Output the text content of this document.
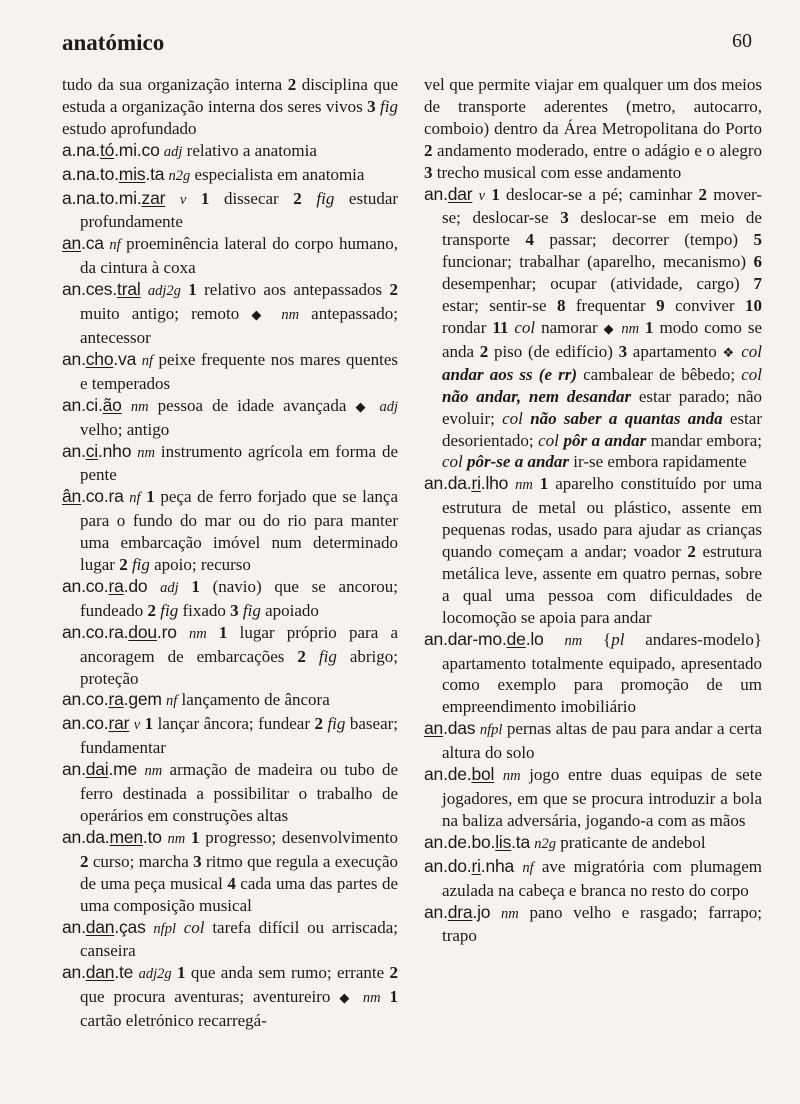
anatómico	60

tudo da sua organização interna 2 disciplina que estuda a organização interna dos seres vivos 3 fig estudo aprofundado

a.na.tó.mi.co adj relativo a anatomia

a.na.to.mis.ta n2g especialista em anatomia

a.na.to.mi.zar v 1 dissecar 2 fig estudar profundamente

an.ca nf proeminência lateral do corpo humano, da cintura à coxa

an.ces.tral adj2g 1 relativo aos antepassados 2 muito antigo; remoto ◆ nm antepassado; antecessor

an.cho.va nf peixe frequente nos mares quentes e temperados

an.ci.ão nm pessoa de idade avançada ◆ adj velho; antigo

an.ci.nho nm instrumento agrícola em forma de pente

ân.co.ra nf 1 peça de ferro forjado que se lança para o fundo do mar ou do rio para manter uma embarcação imóvel num determinado lugar 2 fig apoio; recurso

an.co.ra.do adj 1 (navio) que se ancorou; fundeado 2 fig fixado 3 fig apoiado

an.co.ra.dou.ro nm 1 lugar próprio para a ancoragem de embarcações 2 fig abrigo; proteção

an.co.ra.gem nf lançamento de âncora

an.co.rar v 1 lançar âncora; fundear 2 fig basear; fundamentar

an.dai.me nm armação de madeira ou tubo de ferro destinada a possibilitar o trabalho de operários em construções altas

an.da.men.to nm 1 progresso; desenvolvimento 2 curso; marcha 3 ritmo que regula a execução de uma peça musical 4 cada uma das partes de uma composição musical

an.dan.ças nfpl col tarefa difícil ou arriscada; canseira

an.dan.te adj2g 1 que anda sem rumo; errante 2 que procura aventuras; aventureiro ◆ nm 1 cartão eletrónico recarregá-

vel que permite viajar em qualquer um dos meios de transporte aderentes (metro, autocarro, comboio) dentro da Área Metropolitana do Porto 2 andamento moderado, entre o adágio e o alegro 3 trecho musical com esse andamento

an.dar v 1 deslocar-se a pé; caminhar 2 mover-se; deslocar-se 3 deslocar-se em meio de transporte 4 passar; decorrer (tempo) 5 funcionar; trabalhar (aparelho, mecanismo) 6 desempenhar; ocupar (atividade, cargo) 7 estar; sentir-se 8 frequentar 9 conviver 10 rondar 11 col namorar ◆ nm 1 modo como se anda 2 piso (de edifício) 3 apartamento ❖ col andar aos ss (e rr) cambalear de bêbedo; col não andar, nem desandar estar parado; não evoluir; col não saber a quantas anda estar desorientado; col pôr a andar mandar embora; col pôr-se a andar ir-se embora rapidamente

an.da.ri.lho nm 1 aparelho constituído por uma estrutura de metal ou plástico, assente em pequenas rodas, usado para ajudar as crianças quando começam a andar; voador 2 estrutura metálica leve, assente em quatro pernas, sobre a qual uma pessoa com dificuldades de locomoção se apoia para andar

an.dar-mo.de.lo nm {pl andares-modelo} apartamento totalmente equipado, apresentado como exemplo para promoção de um empreendimento imobiliário

an.das nfpl pernas altas de pau para andar a certa altura do solo

an.de.bol nm jogo entre duas equipas de sete jogadores, em que se procura introduzir a bola na baliza adversária, jogando-a com as mãos

an.de.bo.lis.ta n2g praticante de andebol

an.do.ri.nha nf ave migratória com plumagem azulada na cabeça e branca no resto do corpo

an.dra.jo nm pano velho e rasgado; farrapo; trapo
